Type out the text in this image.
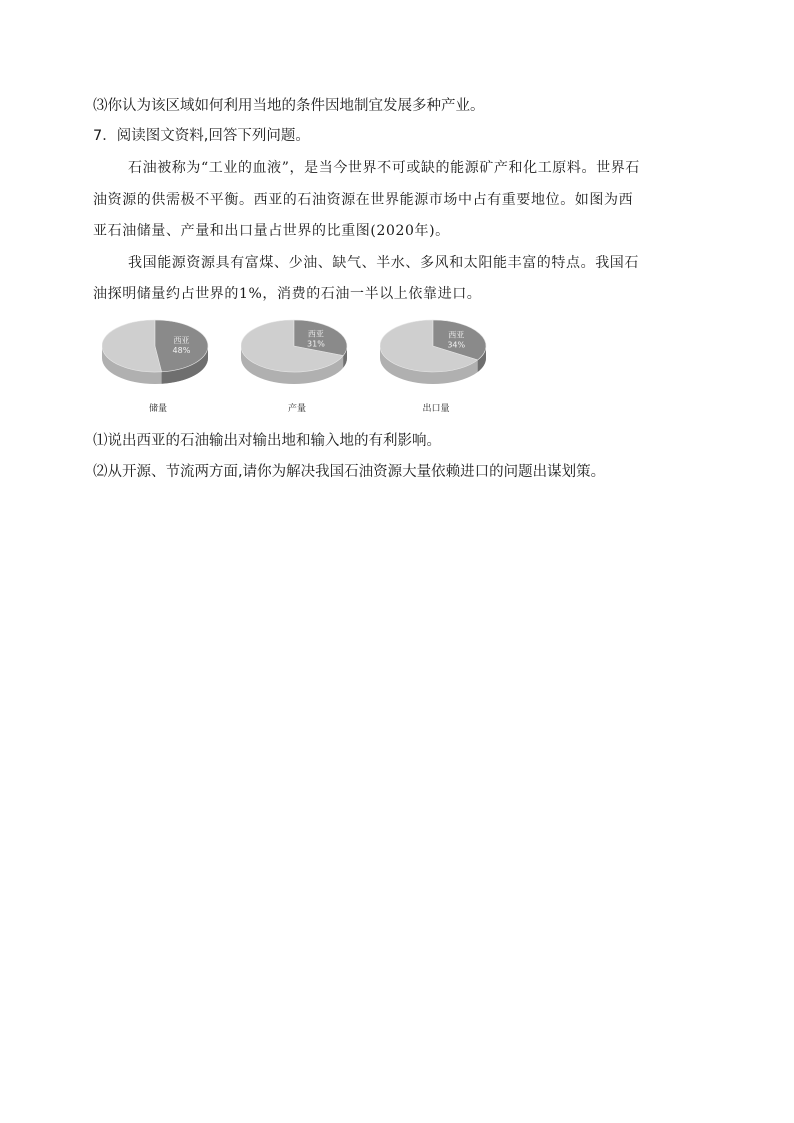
⑶你认为该区域如何利用当地的条件因地制宜发展多种产业。
7．阅读图文资料,回答下列问题。
石油被称为“工业的血液”，是当今世界不可或缺的能源矿产和化工原料。世界石
油资源的供需极不平衡。西亚的石油资源在世界能源市场中占有重要地位。如图为西
亚石油储量、产量和出口量占世界的比重图(2020年)。
我国能源资源具有富煤、少油、缺气、半水、多风和太阳能丰富的特点。我国石
油探明储量约占世界的1%，消费的石油一半以上依靠进口。
西亚
48%
储量
西亚
31%
产量
西亚
34%
出口量
⑴说出西亚的石油输出对输出地和输入地的有利影响。
⑵从开源、节流两方面,请你为解决我国石油资源大量依赖进口的问题出谋划策。
